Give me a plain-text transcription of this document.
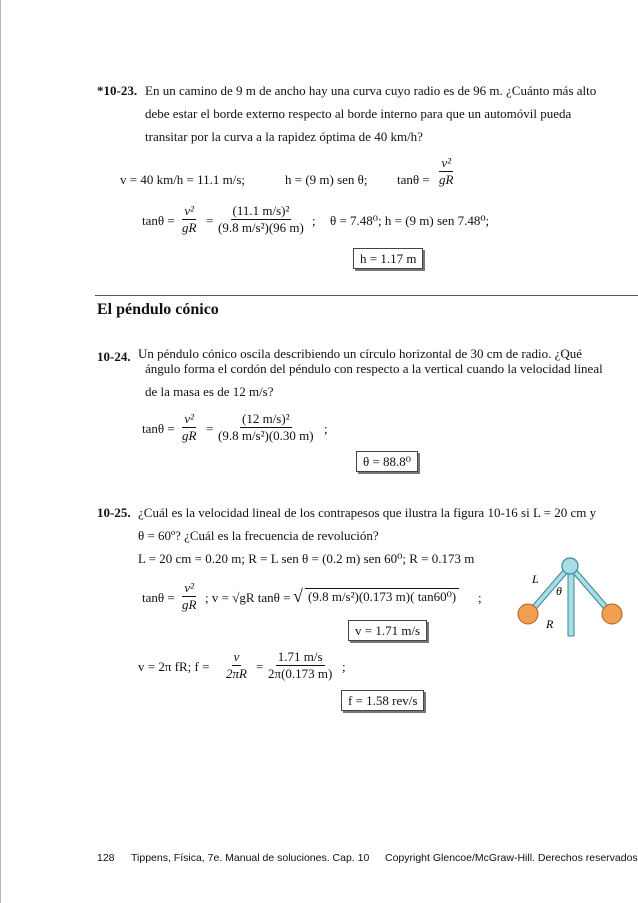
*10-23. En un camino de 9 m de ancho hay una curva cuyo radio es de 96 m. ¿Cuánto más alto
debe estar el borde externo respecto al borde interno para que un automóvil pueda
transitar por la curva a la rapidez óptima de 40 km/h?
v = 40 km/h = 11.1 m/s;	h = (9 m) sen θ; $\tan\theta = \frac{\text{v²}}{gR}$
$\tan\theta = \frac{\text{v²}}{gR} = \frac{\text{(11.1 m/s)²}}{\text{(9.8 m/s²)(96 m)}}$ ; θ = 7.48⁰; h = (9 m) sen 7.48⁰;
h = 1.17 m
El péndulo cónico
10-24. Un péndulo cónico oscila describiendo un círculo horizontal de 30 cm de radio. ¿Qué
ángulo forma el cordón del péndulo con respecto a la vertical cuando la velocidad lineal
de la masa es de 12 m/s?
$\tan\theta = \frac{\text{v²}}{gR} = \frac{\text{(12 m/s)²}}{\text{(9.8 m/s²)(0.30 m)}}$ ;
θ = 88.8⁰
10-25. ¿Cuál es la velocidad lineal de los contrapesos que ilustra la figura 10-16 si L = 20 cm y
θ = 60º? ¿Cuál es la frecuencia de revolución?
L = 20 cm = 0.20 m; R = L sen θ = (0.2 m) sen 60⁰; R = 0.173 m
$\tan\theta = \frac{\text{v²}}{gR}$ ; v = √gR tanθ = √ (9.8 m/s²)(0.173 m)( tan60⁰) ;
v = 1.71 m/s
v = 2π fR; $f = \frac{v}{2\pi R} = \frac{1.71 m/s}{2\pi(0.173 m)}$ ;
f = 1.58 rev/s
L
θ
R
128 Tippens, Física, 7e. Manual de soluciones. Cap. 10 Copyright Glencoe/McGraw-Hill. Derechos reservados
